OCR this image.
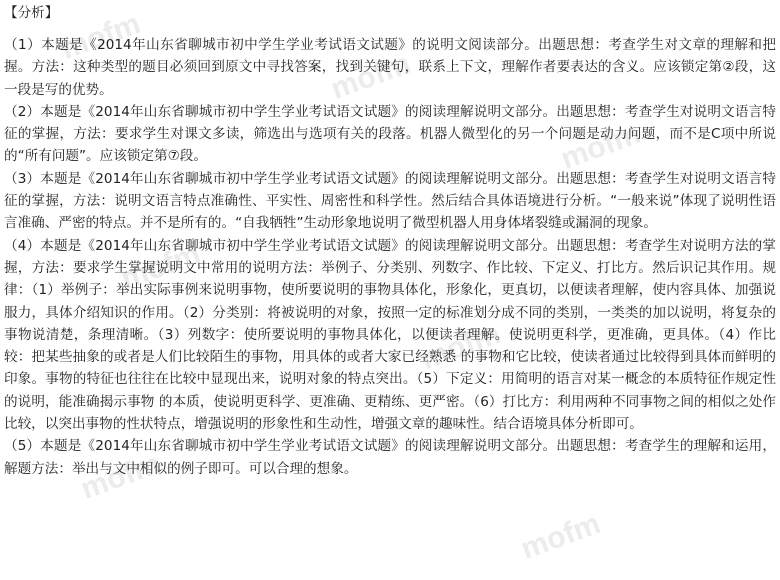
mofm
mofm
mofm
mofm
mofm
mofm
mofm
【分析】

（1）本题是《2014年山东省聊城市初中学生学业考试语文试题》的说明文阅读部分。出题思想：考查学生对文章的理解和把握。方法：这种类型的题目必须回到原文中寻找答案，找到关键句，联系上下文，理解作者要表达的含义。应该锁定第②段，这一段是写的优势。

（2）本题是《2014年山东省聊城市初中学生学业考试语文试题》的阅读理解说明文部分。出题思想：考查学生对说明文语言特征的掌握，方法：要求学生对课文多读，筛选出与选项有关的段落。机器人微型化的另一个问题是动力问题，而不是C项中所说的“所有问题”。应该锁定第⑦段。

（3）本题是《2014年山东省聊城市初中学生学业考试语文试题》的阅读理解说明文部分。出题思想：考查学生对说明文语言特征的掌握，方法：说明文语言特点准确性、平实性、周密性和科学性。然后结合具体语境进行分析。“一般来说”体现了说明性语言准确、严密的特点。并不是所有的。“自我牺牲”生动形象地说明了微型机器人用身体堵裂缝或漏洞的现象。

（4）本题是《2014年山东省聊城市初中学生学业考试语文试题》的阅读理解说明文部分。出题思想：考查学生对说明方法的掌握，方法：要求学生掌握说明文中常用的说明方法：举例子、分类别、列数字、作比较、下定义、打比方。然后识记其作用。规律：（1）举例子：举出实际事例来说明事物，使所要说明的事物具体化，形象化，更真切，以便读者理解，使内容具体、加强说服力，具体介绍知识的作用。（2）分类别：将被说明的对象，按照一定的标准划分成不同的类别，一类类的加以说明，将复杂的事物说清楚，条理清晰。（3）列数字：使所要说明的事物具体化，以便读者理解。使说明更科学，更准确，更具体。（4）作比较：把某些抽象的或者是人们比较陌生的事物，用具体的或者大家已经熟悉 的事物和它比较，使读者通过比较得到具体而鲜明的印象。事物的特征也往往在比较中显现出来，说明对象的特点突出。（5）下定义：用简明的语言对某一概念的本质特征作规定性的说明，能准确揭示事物 的本质，使说明更科学、更准确、更精练、更严密。（6）打比方：利用两种不同事物之间的相似之处作比较，以突出事物的性状特点，增强说明的形象性和生动性，增强文章的趣味性。结合语境具体分析即可。

（5）本题是《2014年山东省聊城市初中学生学业考试语文试题》的阅读理解说明文部分。出题思想：考查学生的理解和运用，解题方法：举出与文中相似的例子即可。可以合理的想象。
